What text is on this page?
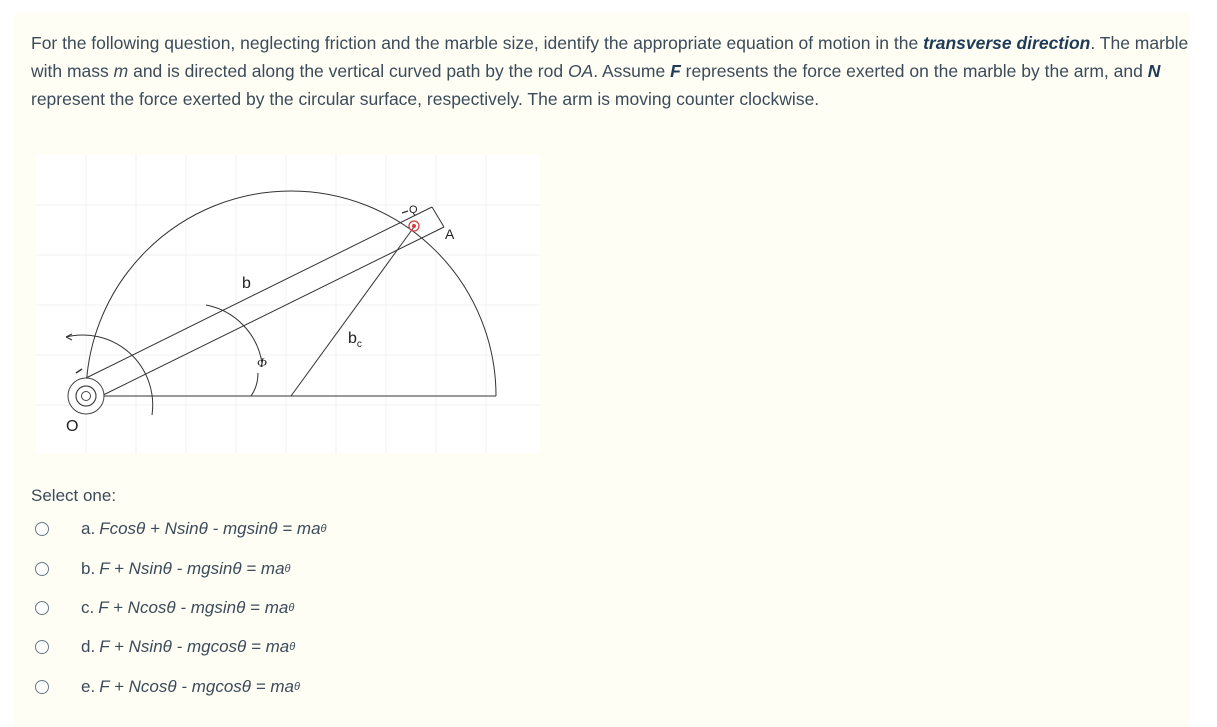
For the following question, neglecting friction and the marble size, identify the appropriate equation of motion in the transverse direction. The marble with mass m and is directed along the vertical curved path by the rod OA. Assume F represents the force exerted on the marble by the arm, and N represent the force exerted by the circular surface, respectively. The arm is moving counter clockwise.
O
A
Q
b
$b_c$
Φ
Select one:
a. Fcosθ + Nsinθ - mgsinθ = ma θ
b. F + Nsinθ - mgsinθ = ma θ
c. F + Ncosθ - mgsinθ = ma θ
d. F + Nsinθ - mgcosθ = ma θ
e. F + Ncosθ - mgcosθ = ma θ
